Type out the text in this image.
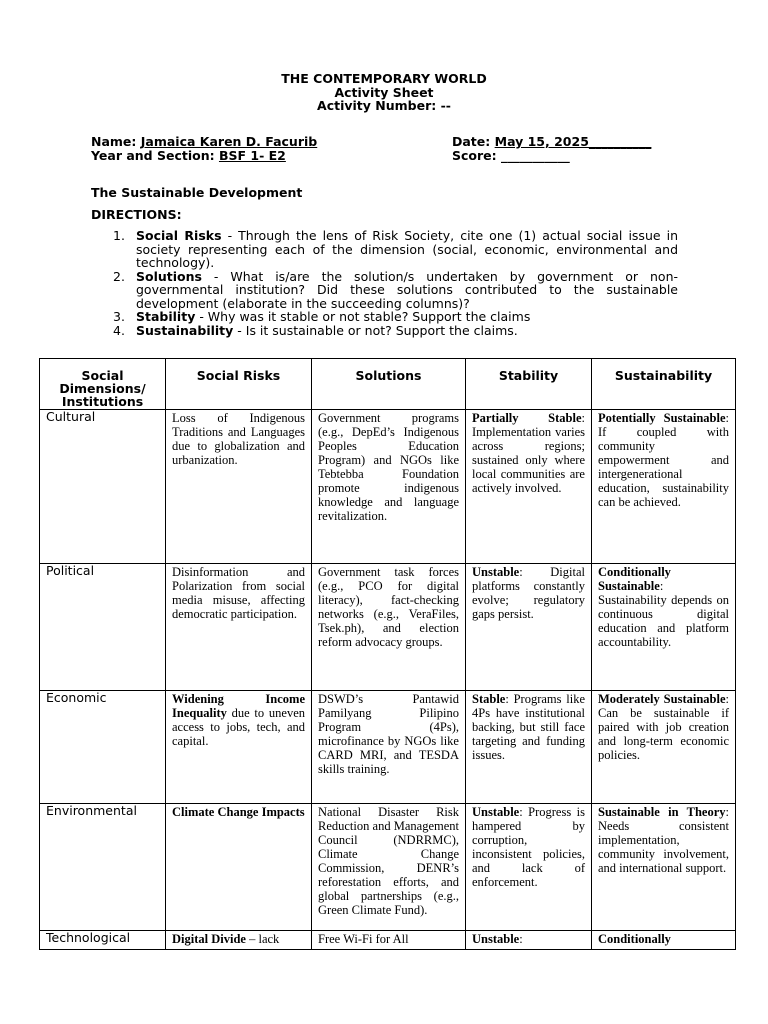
THE CONTEMPORARY WORLD
Activity Sheet
Activity Number: --
Name: Jamaica Karen D. Facurib	Date: May 15, 2025__________
Year and Section: BSF 1- E2	Score: ___________
The Sustainable Development
DIRECTIONS:
1. Social Risks - Through the lens of Risk Society, cite one (1) actual social issue in society representing each of the dimension (social, economic, environmental and technology).
2. Solutions - What is/are the solution/s undertaken by government or non-governmental institution? Did these solutions contributed to the sustainable development (elaborate in the succeeding columns)?
3. Stability - Why was it stable or not stable? Support the claims
4. Sustainability - Is it sustainable or not? Support the claims.
Social Dimensions/ Institutions	Social Risks	Solutions	Stability	Sustainability
Cultural	Loss of Indigenous Traditions and Languages due to globalization and urbanization.	Government programs (e.g., DepEd’s Indigenous Peoples Education Program) and NGOs like Tebtebba Foundation promote indigenous knowledge and language revitalization.	Partially Stable: Implementation varies across regions; sustained only where local communities are actively involved.	Potentially Sustainable: If coupled with community empowerment and intergenerational education, sustainability can be achieved.
Political	Disinformation and Polarization from social media misuse, affecting democratic participation.	Government task forces (e.g., PCO for digital literacy), fact-checking networks (e.g., VeraFiles, Tsek.ph), and election reform advocacy groups.	Unstable: Digital platforms constantly evolve; regulatory gaps persist.	Conditionally Sustainable: Sustainability depends on continuous digital education and platform accountability.
Economic	Widening Income Inequality due to uneven access to jobs, tech, and capital.	DSWD’s Pantawid Pamilyang Pilipino Program (4Ps), microfinance by NGOs like CARD MRI, and TESDA skills training.	Stable: Programs like 4Ps have institutional backing, but still face targeting and funding issues.	Moderately Sustainable: Can be sustainable if paired with job creation and long-term economic policies.
Environmental	Climate Change Impacts	National Disaster Risk Reduction and Management Council (NDRRMC), Climate Change Commission, DENR’s reforestation efforts, and global partnerships (e.g., Green Climate Fund).	Unstable: Progress is hampered by corruption, inconsistent policies, and lack of enforcement.	Sustainable in Theory: Needs consistent implementation, community involvement, and international support.
Technological	Digital Divide – lack	Free Wi-Fi for All	Unstable:	Conditionally
